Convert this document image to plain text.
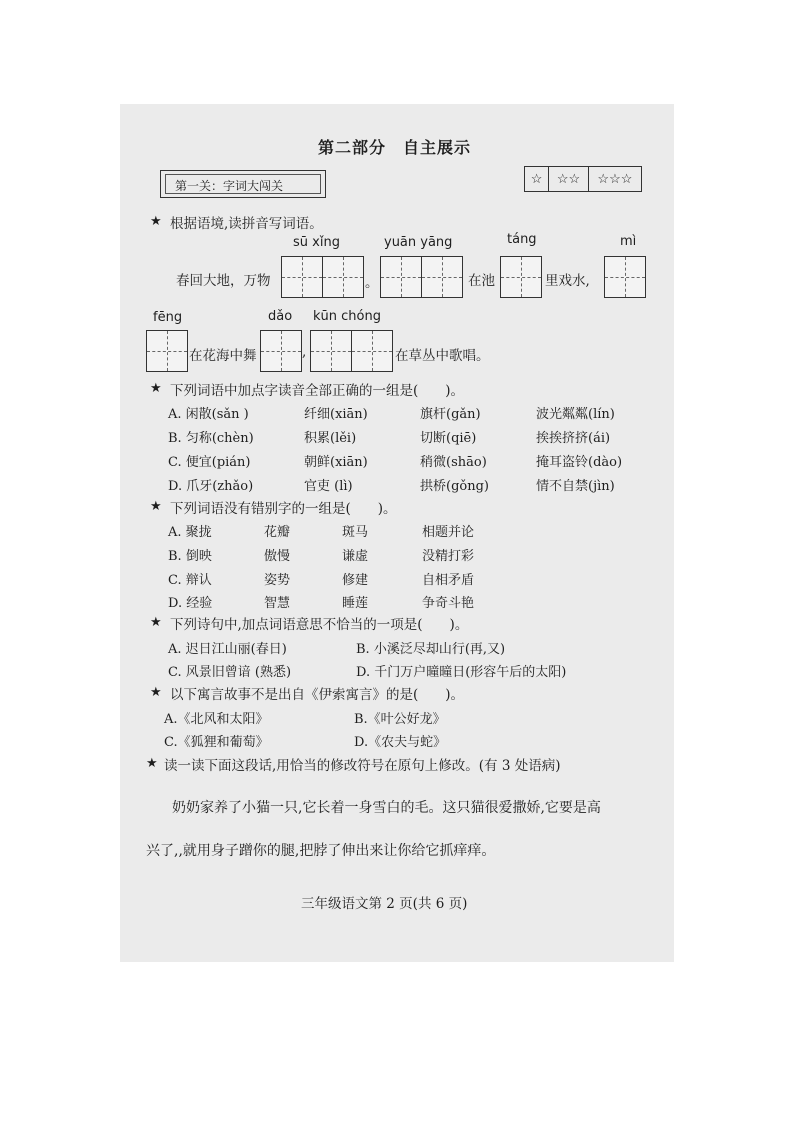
第二部分　自主展示
第一关：字词大闯关	☆	☆☆	☆☆☆
★ 根据语境,读拼音写词语。
sū xǐng	yuān yāng	táng	mì
春回大地，万物	。	在池	里戏水,
fēng	dǎo kūn chóng
在花海中舞	,	在草丛中歌唱。
★ 下列词语中加点字读音全部正确的一组是(　　)。
A. 闲散(sǎn )	纤细(xiān)	旗杆(gǎn)	波光粼粼(lín)
B. 匀称(chèn)	积累(lěi)	切断(qiē)	挨挨挤挤(ái)
C. 便宜(pián)	朝鲜(xiān)	稍微(shāo)	掩耳盗铃(dào)
D. 爪牙(zhǎo)	官吏 (lì)	拱桥(gǒng)	情不自禁(jìn)
★ 下列词语没有错别字的一组是(　　)。
A. 聚拢	花瓣	斑马	相题并论
B. 倒映	傲慢	谦虚	没精打彩
C. 辩认	姿势	修建	自相矛盾
D. 经验	智慧	睡莲	争奇斗艳
★ 下列诗句中,加点词语意思不恰当的一项是(　　)。
A. 迟日江山丽(春日)	B. 小溪泛尽却山行(再,又)
C. 风景旧曾谙 (熟悉)	D. 千门万户曈曈日(形容午后的太阳)
★ 以下寓言故事不是出自《伊索寓言》的是(　　)。
A.《北风和太阳》	B.《叶公好龙》
C.《狐狸和葡萄》	D.《农夫与蛇》
★ 读一读下面这段话,用恰当的修改符号在原句上修改。(有 3 处语病)
奶奶家养了小猫一只,它长着一身雪白的毛。这只猫很爱撒娇,它要是高
兴了,,就用身子蹭你的腿,把脖了伸出来让你给它抓痒痒。
三年级语文第 2 页(共 6 页)
